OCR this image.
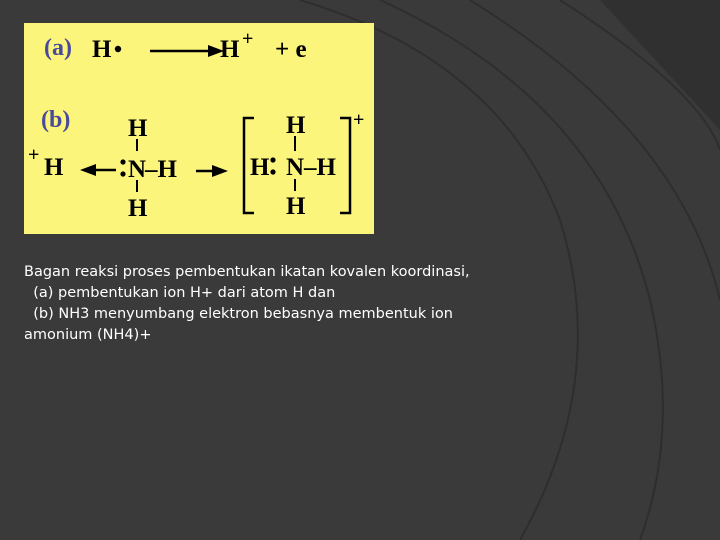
(a) H	H + + e
(b)
+ H
H
N
–H
H
H
H N –H
H
+
Bagan reaksi proses pembentukan ikatan kovalen koordinasi,
(a) pembentukan ion H+ dari atom H dan
(b) NH3 menyumbang elektron bebasnya membentuk ion
amonium (NH4)+
